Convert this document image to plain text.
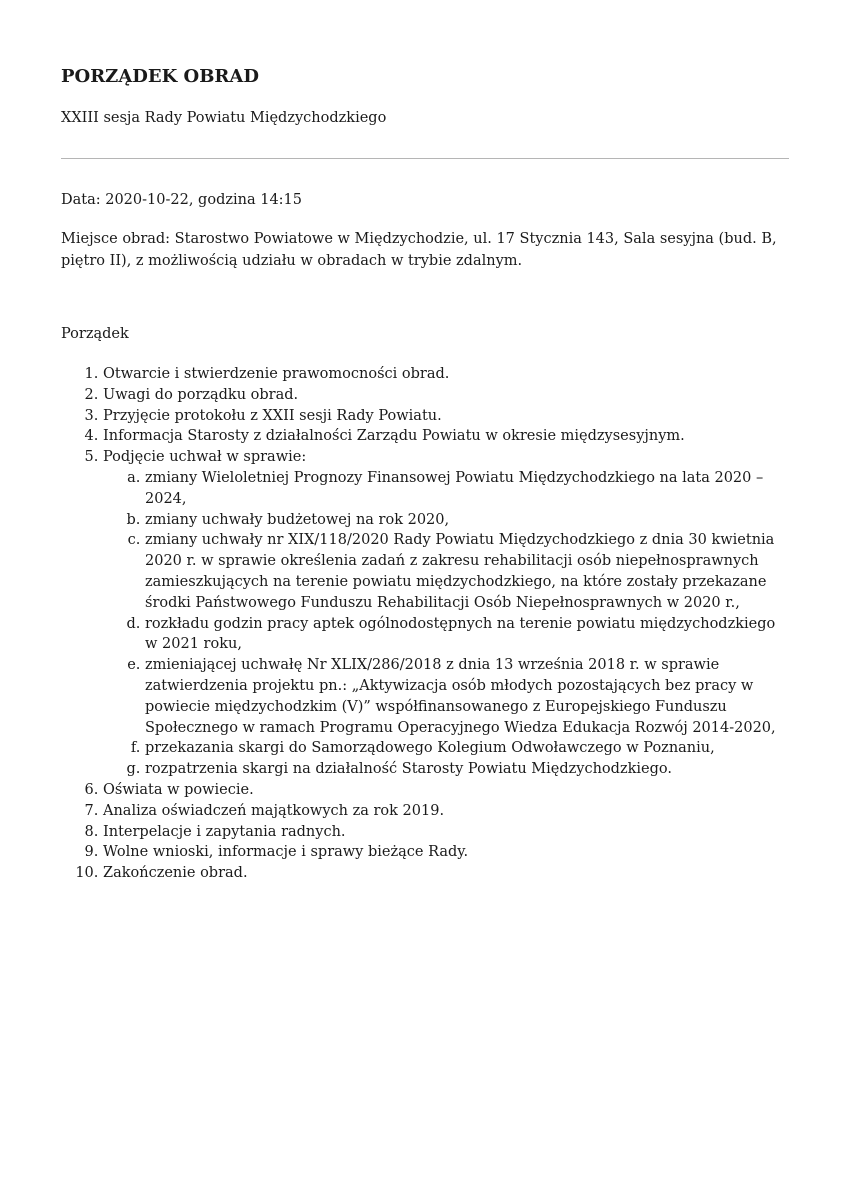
PORZĄDEK OBRAD

XXIII sesja Rady Powiatu Międzychodzkiego

Data: 2020-10-22, godzina 14:15

Miejsce obrad: Starostwo Powiatowe w Międzychodzie, ul. 17 Stycznia 143, Sala sesyjna (bud. B, piętro II), z możliwością udziału w obradach w trybie zdalnym.

Porządek

1. Otwarcie i stwierdzenie prawomocności obrad.
2. Uwagi do porządku obrad.
3. Przyjęcie protokołu z XXII sesji Rady Powiatu.
4. Informacja Starosty z działalności Zarządu Powiatu w okresie międzysesyjnym.
5. Podjęcie uchwał w sprawie:
a. zmiany Wieloletniej Prognozy Finansowej Powiatu Międzychodzkiego na lata 2020 – 2024,
b. zmiany uchwały budżetowej na rok 2020,
c. zmiany uchwały nr XIX/118/2020 Rady Powiatu Międzychodzkiego z dnia 30 kwietnia 2020 r. w sprawie określenia zadań z zakresu rehabilitacji osób niepełnosprawnych zamieszkujących na terenie powiatu międzychodzkiego, na które zostały przekazane środki Państwowego Funduszu Rehabilitacji Osób Niepełnosprawnych w 2020 r.,
d. rozkładu godzin pracy aptek ogólnodostępnych na terenie powiatu międzychodzkiego w 2021 roku,
e. zmieniającej uchwałę Nr XLIX/286/2018 z dnia 13 września 2018 r. w sprawie zatwierdzenia projektu pn.: „Aktywizacja osób młodych pozostających bez pracy w powiecie międzychodzkim (V)” współfinansowanego z Europejskiego Funduszu Społecznego w ramach Programu Operacyjnego Wiedza Edukacja Rozwój 2014-2020,
f. przekazania skargi do Samorządowego Kolegium Odwoławczego w Poznaniu,
g. rozpatrzenia skargi na działalność Starosty Powiatu Międzychodzkiego.
6. Oświata w powiecie.
7. Analiza oświadczeń majątkowych za rok 2019.
8. Interpelacje i zapytania radnych.
9. Wolne wnioski, informacje i sprawy bieżące Rady.
10. Zakończenie obrad.
